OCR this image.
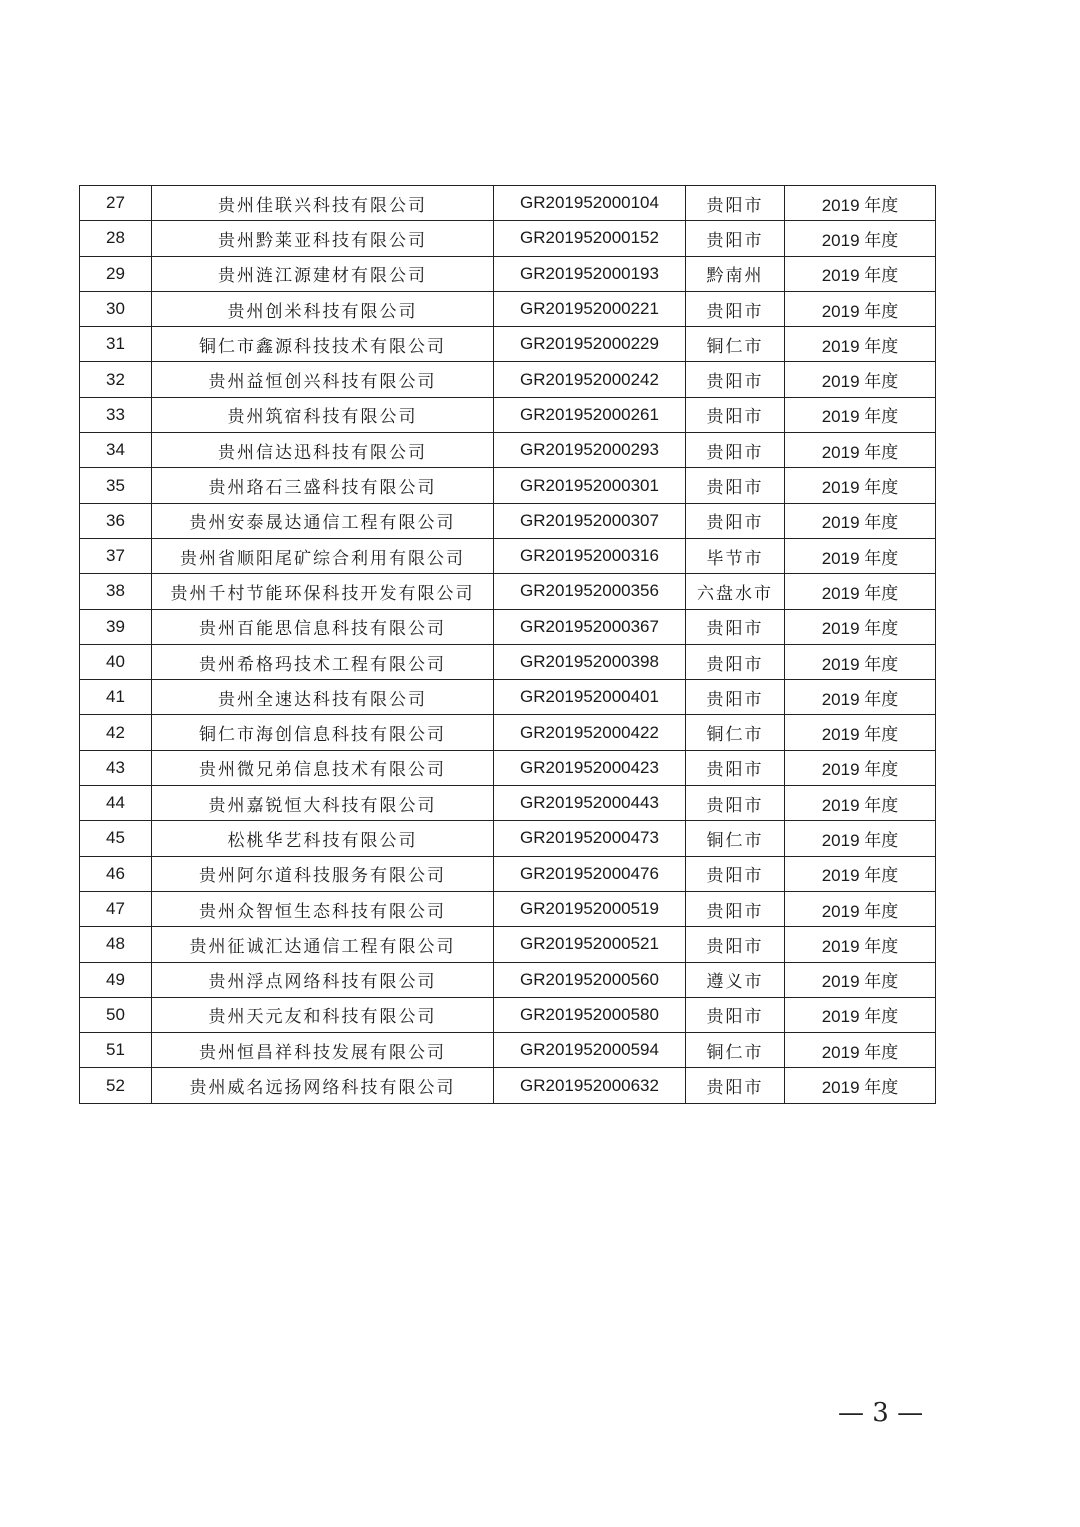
27	贵州佳联兴科技有限公司	GR201952000104	贵阳市	2019 年度
28	贵州黔莱亚科技有限公司	GR201952000152	贵阳市	2019 年度
29	贵州涟江源建材有限公司	GR201952000193	黔南州	2019 年度
30	贵州创米科技有限公司	GR201952000221	贵阳市	2019 年度
31	铜仁市鑫源科技技术有限公司	GR201952000229	铜仁市	2019 年度
32	贵州益恒创兴科技有限公司	GR201952000242	贵阳市	2019 年度
33	贵州筑宿科技有限公司	GR201952000261	贵阳市	2019 年度
34	贵州信达迅科技有限公司	GR201952000293	贵阳市	2019 年度
35	贵州珞石三盛科技有限公司	GR201952000301	贵阳市	2019 年度
36	贵州安泰晟达通信工程有限公司	GR201952000307	贵阳市	2019 年度
37	贵州省顺阳尾矿综合利用有限公司	GR201952000316	毕节市	2019 年度
38	贵州千村节能环保科技开发有限公司	GR201952000356	六盘水市	2019 年度
39	贵州百能思信息科技有限公司	GR201952000367	贵阳市	2019 年度
40	贵州希格玛技术工程有限公司	GR201952000398	贵阳市	2019 年度
41	贵州全速达科技有限公司	GR201952000401	贵阳市	2019 年度
42	铜仁市海创信息科技有限公司	GR201952000422	铜仁市	2019 年度
43	贵州微兄弟信息技术有限公司	GR201952000423	贵阳市	2019 年度
44	贵州嘉锐恒大科技有限公司	GR201952000443	贵阳市	2019 年度
45	松桃华艺科技有限公司	GR201952000473	铜仁市	2019 年度
46	贵州阿尔道科技服务有限公司	GR201952000476	贵阳市	2019 年度
47	贵州众智恒生态科技有限公司	GR201952000519	贵阳市	2019 年度
48	贵州征诚汇达通信工程有限公司	GR201952000521	贵阳市	2019 年度
49	贵州浮点网络科技有限公司	GR201952000560	遵义市	2019 年度
50	贵州天元友和科技有限公司	GR201952000580	贵阳市	2019 年度
51	贵州恒昌祥科技发展有限公司	GR201952000594	铜仁市	2019 年度
52	贵州威名远扬网络科技有限公司	GR201952000632	贵阳市	2019 年度
— 3 —
